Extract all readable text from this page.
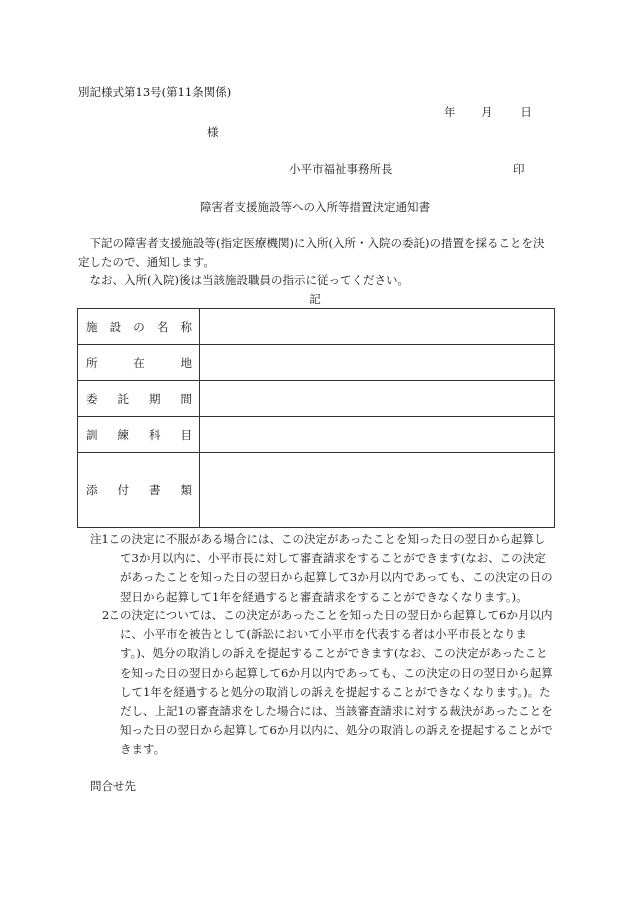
別記様式第13号(第11条関係)
年 月 日
様
小平市福祉事務所長	印
障害者支援施設等への入所等措置決定通知書
下記の障害者支援施設等(指定医療機関)に入所(入所・入院の委託)の措置を採ることを決定したので、通知します。
なお、入所(入院)後は当該施設職員の指示に従ってください。
記
施設の名称	

所在地	

委託期間	

訓練科目	

添付書類	

注1 この決定に不服がある場合には、この決定があったことを知った日の翌日から起算して3か月以内に、小平市長に対して審査請求をすることができます(なお、この決定があったことを知った日の翌日から起算して3か月以内であっても、この決定の日の翌日から起算して1年を経過すると審査請求をすることができなくなります。)。
2 この決定については、この決定があったことを知った日の翌日から起算して6か月以内に、小平市を被告として(訴訟において小平市を代表する者は小平市長となります。)、処分の取消しの訴えを提起することができます(なお、この決定があったことを知った日の翌日から起算して6か月以内であっても、この決定の日の翌日から起算して1年を経過すると処分の取消しの訴えを提起することができなくなります。)。ただし、上記1の審査請求をした場合には、当該審査請求に対する裁決があったことを知った日の翌日から起算して6か月以内に、処分の取消しの訴えを提起することができます。
問合せ先
